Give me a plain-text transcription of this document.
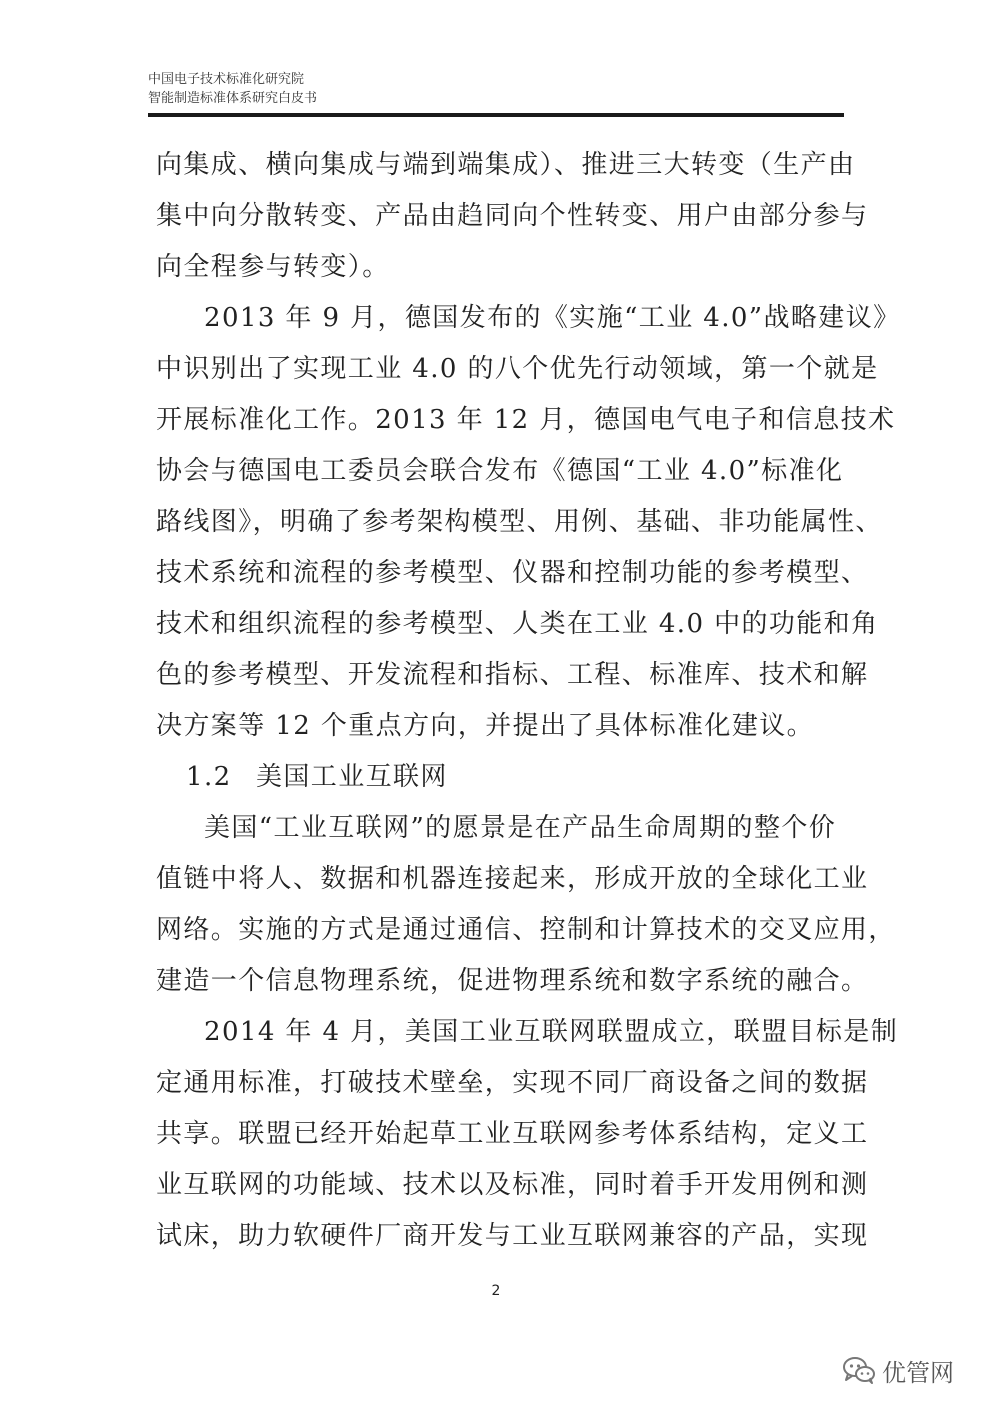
中国电子技术标准化研究院
智能制造标准体系研究白皮书
向集成、横向集成与端到端集成）、推进三大转变（生产由
集中向分散转变、产品由趋同向个性转变、用户由部分参与
向全程参与转变）。
2013 年 9 月，德国发布的《实施“工业 4.0”战略建议》
中识别出了实现工业 4.0 的八个优先行动领域，第一个就是
开展标准化工作。2013 年 12 月，德国电气电子和信息技术
协会与德国电工委员会联合发布《德国“工业 4.0”标准化
路线图》，明确了参考架构模型、用例、基础、非功能属性、
技术系统和流程的参考模型、仪器和控制功能的参考模型、
技术和组织流程的参考模型、人类在工业 4.0 中的功能和角
色的参考模型、开发流程和指标、工程、标准库、技术和解
决方案等 12 个重点方向，并提出了具体标准化建议。
1.2 美国工业互联网
美国“工业互联网”的愿景是在产品生命周期的整个价
值链中将人、数据和机器连接起来，形成开放的全球化工业
网络。实施的方式是通过通信、控制和计算技术的交叉应用，
建造一个信息物理系统，促进物理系统和数字系统的融合。
2014 年 4 月，美国工业互联网联盟成立，联盟目标是制
定通用标准，打破技术壁垒，实现不同厂商设备之间的数据
共享。联盟已经开始起草工业互联网参考体系结构，定义工
业互联网的功能域、技术以及标准，同时着手开发用例和测
试床，助力软硬件厂商开发与工业互联网兼容的产品，实现
2
优管网
